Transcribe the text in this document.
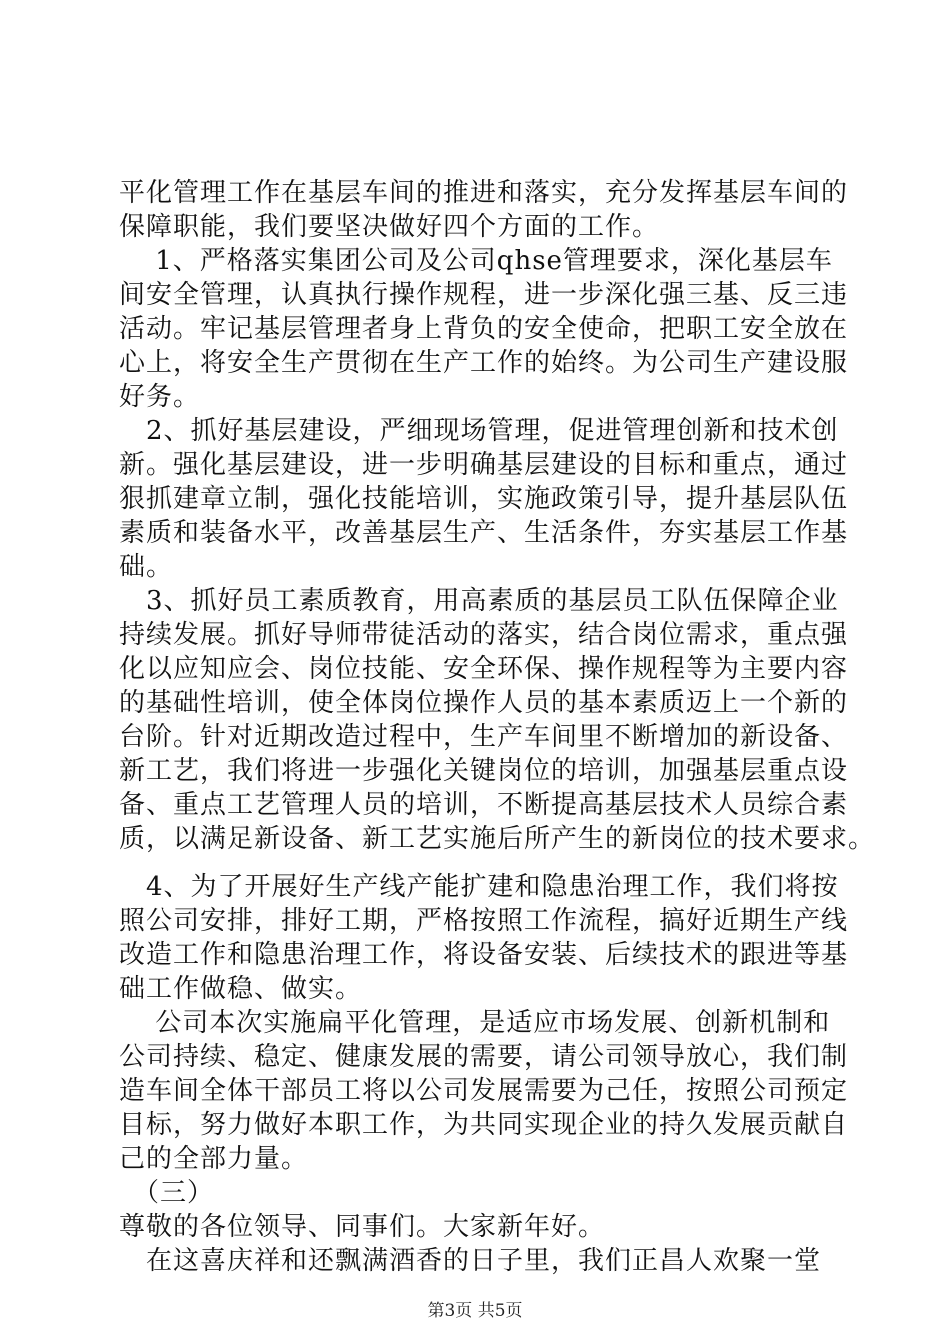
平化管理工作在基层车间的推进和落实，充分发挥基层车间的
保障职能，我们要坚决做好四个方面的工作。
　 1、严格落实集团公司及公司qhse管理要求，深化基层车
间安全管理，认真执行操作规程，进一步深化强三基、反三违
活动。牢记基层管理者身上背负的安全使命，把职工安全放在
心上，将安全生产贯彻在生产工作的始终。为公司生产建设服
好务。
　2、抓好基层建设，严细现场管理，促进管理创新和技术创
新。强化基层建设，进一步明确基层建设的目标和重点，通过
狠抓建章立制，强化技能培训，实施政策引导，提升基层队伍
素质和装备水平，改善基层生产、生活条件，夯实基层工作基
础。
　3、抓好员工素质教育，用高素质的基层员工队伍保障企业
持续发展。抓好导师带徒活动的落实，结合岗位需求，重点强
化以应知应会、岗位技能、安全环保、操作规程等为主要内容
的基础性培训，使全体岗位操作人员的基本素质迈上一个新的
台阶。针对近期改造过程中，生产车间里不断增加的新设备、
新工艺，我们将进一步强化关键岗位的培训，加强基层重点设
备、重点工艺管理人员的培训，不断提高基层技术人员综合素
质，以满足新设备、新工艺实施后所产生的新岗位的技术要求。
　4、为了开展好生产线产能扩建和隐患治理工作，我们将按
照公司安排，排好工期，严格按照工作流程，搞好近期生产线
改造工作和隐患治理工作，将设备安装、后续技术的跟进等基
础工作做稳、做实。
　 公司本次实施扁平化管理，是适应市场发展、创新机制和
公司持续、稳定、健康发展的需要，请公司领导放心，我们制
造车间全体干部员工将以公司发展需要为己任，按照公司预定
目标，努力做好本职工作，为共同实现企业的持久发展贡献自
己的全部力量。
　（三）
尊敬的各位领导、同事们。大家新年好。
　在这喜庆祥和还飘满酒香的日子里，我们正昌人欢聚一堂
第3页 共5页
